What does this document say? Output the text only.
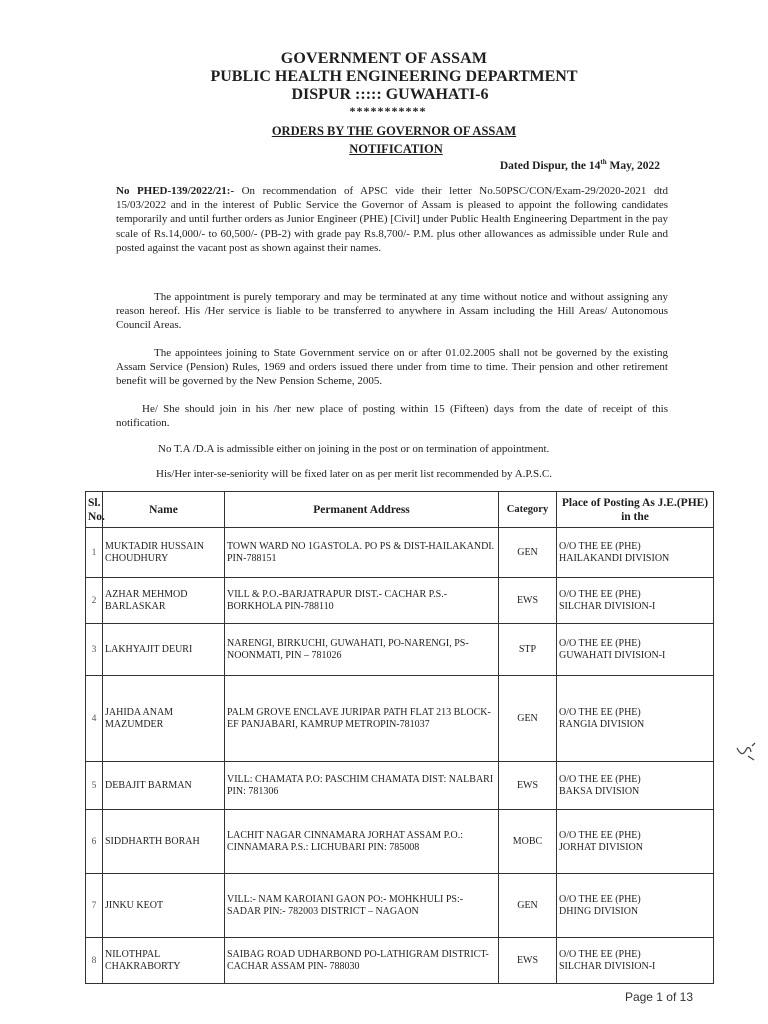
GOVERNMENT OF ASSAM
PUBLIC HEALTH ENGINEERING DEPARTMENT
DISPUR ::::: GUWAHATI-6
***********
ORDERS BY THE GOVERNOR OF ASSAM
NOTIFICATION
Dated Dispur, the 14th May, 2022

No PHED-139/2022/21:- On recommendation of APSC vide their letter No.50PSC/CON/Exam-29/2020-2021 dtd 15/03/2022 and in the interest of Public Service the Governor of Assam is pleased to appoint the following candidates temporarily and until further orders as Junior Engineer (PHE) [Civil] under Public Health Engineering Department in the pay scale of Rs.14,000/- to 60,500/- (PB-2) with grade pay Rs.8,700/- P.M. plus other allowances as admissible under Rule and posted against the vacant post as shown against their names.

The appointment is purely temporary and may be terminated at any time without notice and without assigning any reason hereof. His /Her service is liable to be transferred to anywhere in Assam including the Hill Areas/ Autonomous Council Areas.

The appointees joining to State Government service on or after 01.02.2005 shall not be governed by the existing Assam Service (Pension) Rules, 1969 and orders issued there under from time to time. Their pension and other retirement benefit will be governed by the New Pension Scheme, 2005.

He/ She should join in his /her new place of posting within 15 (Fifteen) days from the date of receipt of this notification.

No T.A /D.A is admissible either on joining in the post or on termination of appointment.
His/Her inter-se-seniority will be fixed later on as per merit list recommended by A.P.S.C.
Sl. No.	Name	Permanent Address	Category	Place of Posting As J.E.(PHE) in the
1	MUKTADIR HUSSAIN CHOUDHURY	TOWN WARD NO 1GASTOLA. PO PS & DIST-HAILAKANDI. PIN-788151	GEN	O/O THE EE (PHE)
HAILAKANDI DIVISION

2	AZHAR MEHMOD BARLASKAR	VILL & P.O.-BARJATRAPUR DIST.- CACHAR P.S.- BORKHOLA PIN-788110	EWS	O/O THE EE (PHE)
SILCHAR DIVISION-I

3	LAKHYAJIT DEURI	NARENGI, BIRKUCHI, GUWAHATI, PO-NARENGI, PS- NOONMATI, PIN – 781026	STP	O/O THE EE (PHE)
GUWAHATI DIVISION-I

4	JAHIDA ANAM MAZUMDER	PALM GROVE ENCLAVE JURIPAR PATH FLAT 213 BLOCK-EF PANJABARI, KAMRUP METROPIN-781037	GEN	O/O THE EE (PHE)
RANGIA DIVISION

5	DEBAJIT BARMAN	VILL: CHAMATA P.O: PASCHIM CHAMATA DIST: NALBARI PIN: 781306	EWS	O/O THE EE (PHE)
BAKSA DIVISION

6	SIDDHARTH BORAH	LACHIT NAGAR CINNAMARA JORHAT ASSAM P.O.: CINNAMARA P.S.: LICHUBARI PIN: 785008	MOBC	O/O THE EE (PHE)
JORHAT DIVISION

7	JINKU KEOT	VILL:- NAM KAROIANI GAON PO:- MOHKHULI PS:- SADAR PIN:- 782003 DISTRICT – NAGAON	GEN	O/O THE EE (PHE)
DHING DIVISION

8	NILOTHPAL CHAKRABORTY	SAIBAG ROAD UDHARBOND PO-LATHIGRAM DISTRICT- CACHAR ASSAM PIN- 788030	EWS	O/O THE EE (PHE)
SILCHAR DIVISION-I
Page 1 of 13
